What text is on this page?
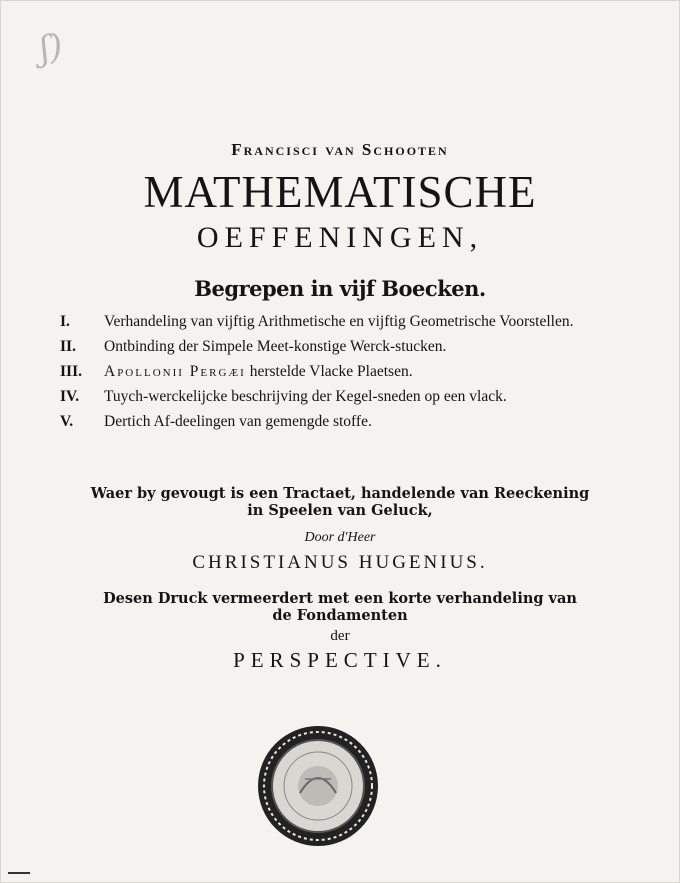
ʃ)
Francisci van Schooten
MATHEMATISCHE
OEFFENINGEN,
Begrepen in vijf Boecken.
I.	Verhandeling van vijftig Arithmetische en vijftig Geometrische Voorstellen.
II.	Ontbinding der Simpele Meet-konstige Werck-stucken.
III.	Apollonii Pergæi herstelde Vlacke Plaetsen.
IV.	Tuych-werckelijcke beschrijving der Kegel-sneden op een vlack.
V.	Dertich Af-deelingen van gemengde stoffe.
Waer by gevougt is een Tractaet, handelende van Reeckening
in Speelen van Geluck,
Door d'Heer
CHRISTIANUS HUGENIUS.
Desen Druck vermeerdert met een korte verhandeling van
de Fondamenten
der
PERSPECTIVE.
